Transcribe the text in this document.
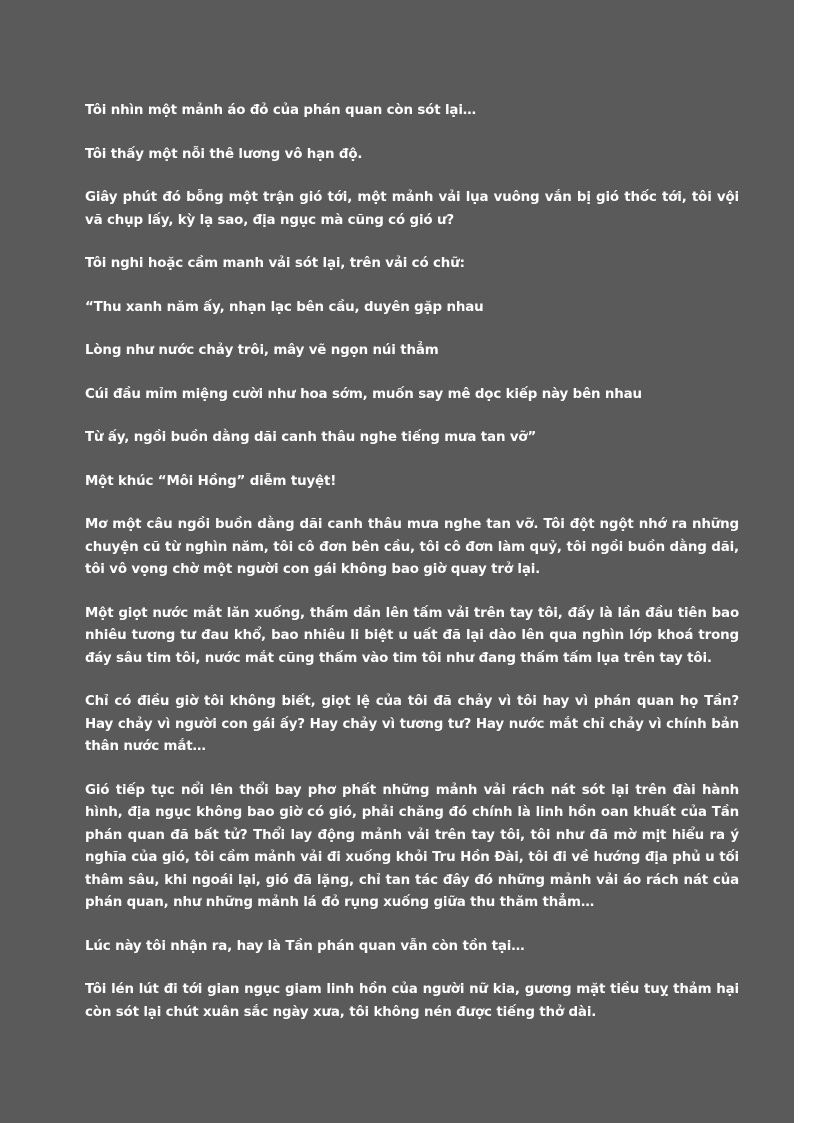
Tôi nhìn một mảnh áo đỏ của phán quan còn sót lại…

Tôi thấy một nỗi thê lương vô hạn độ.

Giây phút đó bỗng một trận gió tới, một mảnh vải lụa vuông vắn bị gió thốc tới, tôi vội vã chụp lấy, kỳ lạ sao, địa ngục mà cũng có gió ư?

Tôi nghi hoặc cầm manh vải sót lại, trên vải có chữ:

“Thu xanh năm ấy, nhạn lạc bên cầu, duyên gặp nhau

Lòng như nước chảy trôi, mây vẽ ngọn núi thẳm

Cúi đầu mỉm miệng cười như hoa sớm, muốn say mê dọc kiếp này bên nhau

Từ ấy, ngồi buồn dằng dãi canh thâu nghe tiếng mưa tan vỡ”

Một khúc “Môi Hồng” diễm tuyệt!

Mơ một câu ngồi buồn dằng dãi canh thâu mưa nghe tan vỡ. Tôi đột ngột nhớ ra những chuyện cũ từ nghìn năm, tôi cô đơn bên cầu, tôi cô đơn làm quỷ, tôi ngồi buồn dằng dãi, tôi vô vọng chờ một người con gái không bao giờ quay trở lại.

Một giọt nước mắt lăn xuống, thấm dần lên tấm vải trên tay tôi, đấy là lần đầu tiên bao nhiêu tương tư đau khổ, bao nhiêu li biệt u uất đã lại dào lên qua nghìn lớp khoá trong đáy sâu tim tôi, nước mắt cũng thấm vào tim tôi như đang thấm tấm lụa trên tay tôi.

Chỉ có điều giờ tôi không biết, giọt lệ của tôi đã chảy vì tôi hay vì phán quan họ Tần? Hay chảy vì người con gái ấy? Hay chảy vì tương tư? Hay nước mắt chỉ chảy vì chính bản thân nước mắt…

Gió tiếp tục nổi lên thổi bay phơ phất những mảnh vải rách nát sót lại trên đài hành hình, địa ngục không bao giờ có gió, phải chăng đó chính là linh hồn oan khuất của Tần phán quan đã bất tử? Thổi lay động mảnh vải trên tay tôi, tôi như đã mờ mịt hiểu ra ý nghĩa của gió, tôi cầm mảnh vải đi xuống khỏi Tru Hồn Đài, tôi đi về hướng địa phủ u tối thâm sâu, khi ngoái lại, gió đã lặng, chỉ tan tác đây đó những mảnh vải áo rách nát của phán quan, như những mảnh lá đỏ rụng xuống giữa thu thăm thẳm…

Lúc này tôi nhận ra, hay là Tần phán quan vẫn còn tồn tại…

Tôi lén lút đi tới gian ngục giam linh hồn của người nữ kia, gương mặt tiều tuỵ thảm hại còn sót lại chút xuân sắc ngày xưa, tôi không nén được tiếng thở dài.
